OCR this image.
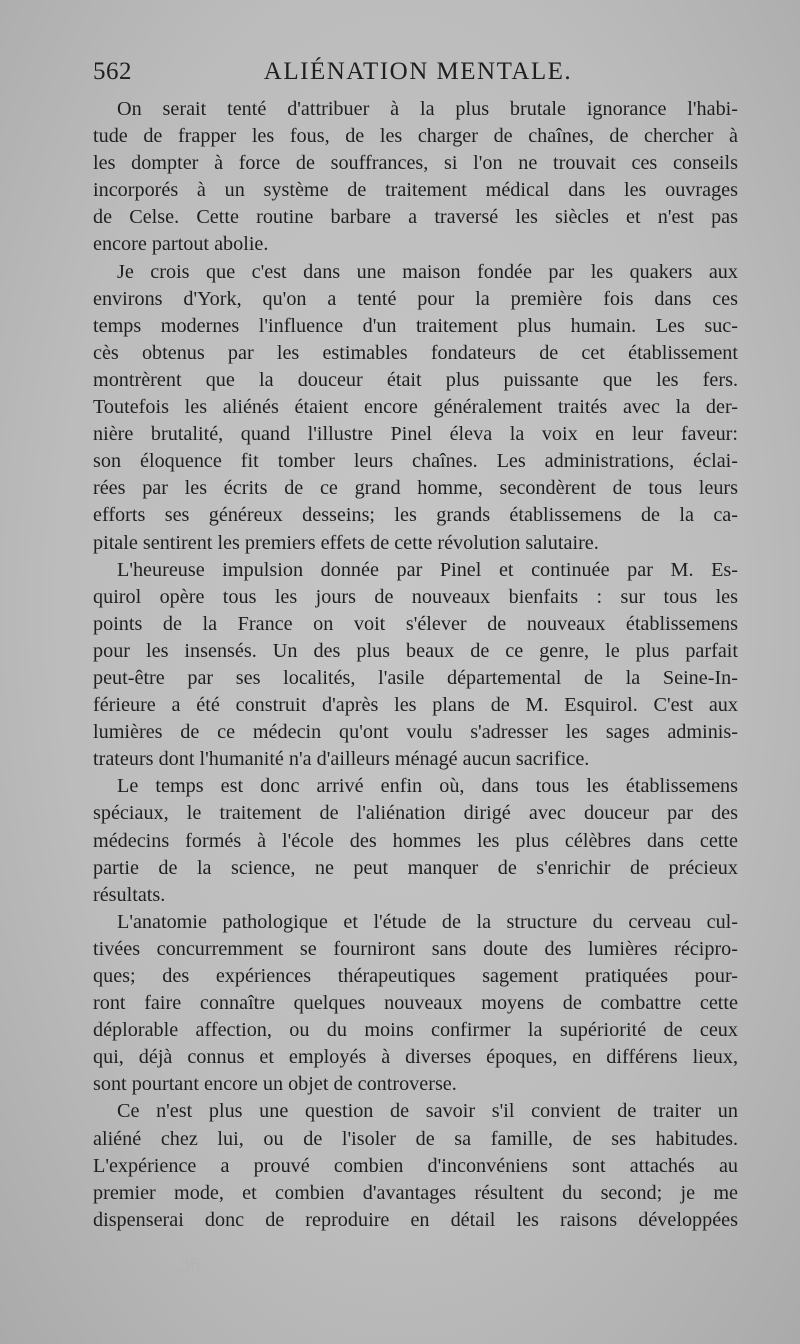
562	ALIÉNATION MENTALE.
On serait tenté d'attribuer à la plus brutale ignorance l'habi-
tude de frapper les fous, de les charger de chaînes, de chercher à
les dompter à force de souffrances, si l'on ne trouvait ces conseils
incorporés à un système de traitement médical dans les ouvrages
de Celse. Cette routine barbare a traversé les siècles et n'est pas
encore partout abolie.
Je crois que c'est dans une maison fondée par les quakers aux
environs d'York, qu'on a tenté pour la première fois dans ces
temps modernes l'influence d'un traitement plus humain. Les suc-
cès obtenus par les estimables fondateurs de cet établissement
montrèrent que la douceur était plus puissante que les fers.
Toutefois les aliénés étaient encore généralement traités avec la der-
nière brutalité, quand l'illustre Pinel éleva la voix en leur faveur:
son éloquence fit tomber leurs chaînes. Les administrations, éclai-
rées par les écrits de ce grand homme, secondèrent de tous leurs
efforts ses généreux desseins; les grands établissemens de la ca-
pitale sentirent les premiers effets de cette révolution salutaire.
L'heureuse impulsion donnée par Pinel et continuée par M. Es-
quirol opère tous les jours de nouveaux bienfaits : sur tous les
points de la France on voit s'élever de nouveaux établissemens
pour les insensés. Un des plus beaux de ce genre, le plus parfait
peut-être par ses localités, l'asile départemental de la Seine-In-
férieure a été construit d'après les plans de M. Esquirol. C'est aux
lumières de ce médecin qu'ont voulu s'adresser les sages adminis-
trateurs dont l'humanité n'a d'ailleurs ménagé aucun sacrifice.
Le temps est donc arrivé enfin où, dans tous les établissemens
spéciaux, le traitement de l'aliénation dirigé avec douceur par des
médecins formés à l'école des hommes les plus célèbres dans cette
partie de la science, ne peut manquer de s'enrichir de précieux
résultats.
L'anatomie pathologique et l'étude de la structure du cerveau cul-
tivées concurremment se fourniront sans doute des lumières récipro-
ques; des expériences thérapeutiques sagement pratiquées pour-
ront faire connaître quelques nouveaux moyens de combattre cette
déplorable affection, ou du moins confirmer la supériorité de ceux
qui, déjà connus et employés à diverses époques, en différens lieux,
sont pourtant encore un objet de controverse.
Ce n'est plus une question de savoir s'il convient de traiter un
aliéné chez lui, ou de l'isoler de sa famille, de ses habitudes.
L'expérience a prouvé combien d'inconvéniens sont attachés au
premier mode, et combien d'avantages résultent du second; je me
dispenserai donc de reproduire en détail les raisons développées
36
